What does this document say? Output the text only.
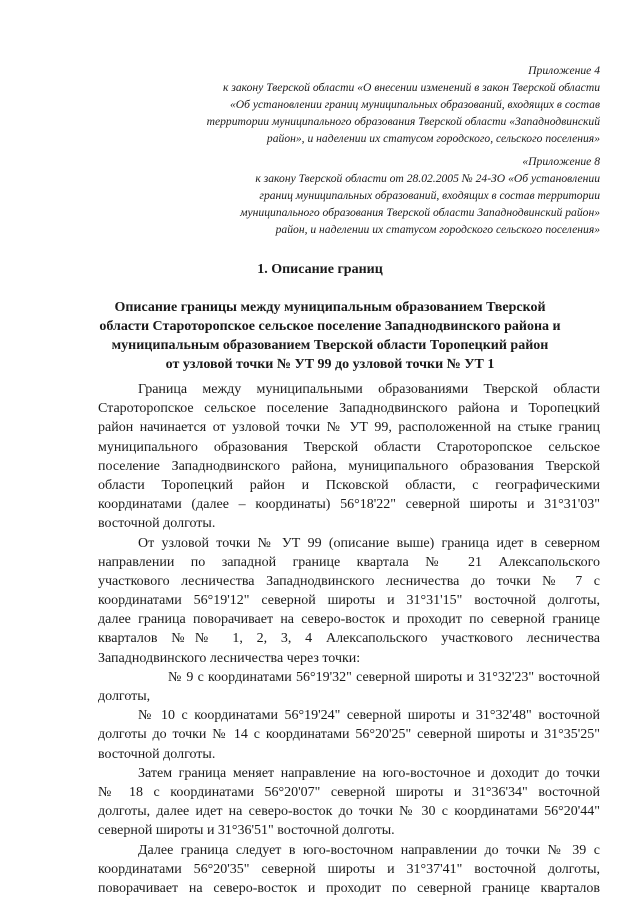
Приложение 4
к закону Тверской области «О внесении изменений в закон Тверской области
«Об установлении границ муниципальных образований, входящих в состав
территории муниципального образования Тверской области «Западнодвинский
район», и наделении их статусом городского, сельского поселения»
«Приложение 8
к закону Тверской области от 28.02.2005 № 24-ЗО «Об установлении
границ муниципальных образований, входящих в состав территории
муниципального образования Тверской области Западнодвинский район»
район, и наделении их статусом городского сельского поселения»
1. Описание границ
Описание границы между муниципальным образованием Тверской
области Староторопское сельское поселение Западнодвинского района и
муниципальным образованием Тверской области Торопецкий район
от узловой точки № УТ 99 до узловой точки № УТ 1
Граница между муниципальными образованиями Тверской области
Староторопское сельское поселение Западнодвинского района и Торопецкий
район начинается от узловой точки № УТ 99, расположенной на стыке границ
муниципального образования Тверской области Староторопское сельское
поселение Западнодвинского района, муниципального образования Тверской
области Торопецкий район и Псковской области, с географическими
координатами (далее – координаты) 56°18'22" северной широты и 31°31'03"
восточной долготы.
От узловой точки № УТ 99 (описание выше) граница идет в северном
направлении по западной границе квартала № 21 Алексапольского
участкового лесничества Западнодвинского лесничества до точки № 7 с
координатами 56°19'12" северной широты и 31°31'15" восточной долготы,
далее граница поворачивает на северо-восток и проходит по северной границе
кварталов №№ 1, 2, 3, 4 Алексапольского участкового лесничества
Западнодвинского лесничества через точки:
№ 9 с координатами 56°19'32" северной широты и 31°32'23" восточной
долготы,
№ 10 с координатами 56°19'24" северной широты и 31°32'48" восточной
долготы до точки № 14 с координатами 56°20'25" северной широты и 31°35'25"
восточной долготы.
Затем граница меняет направление на юго-восточное и доходит до точки
№ 18 с координатами 56°20'07" северной широты и 31°36'34" восточной
долготы, далее идет на северо-восток до точки № 30 с координатами 56°20'44"
северной широты и 31°36'51" восточной долготы.
Далее граница следует в юго-восточном направлении до точки № 39 с
координатами 56°20'35" северной широты и 31°37'41" восточной долготы,
поворачивает на северо-восток и проходит по северной границе кварталов
